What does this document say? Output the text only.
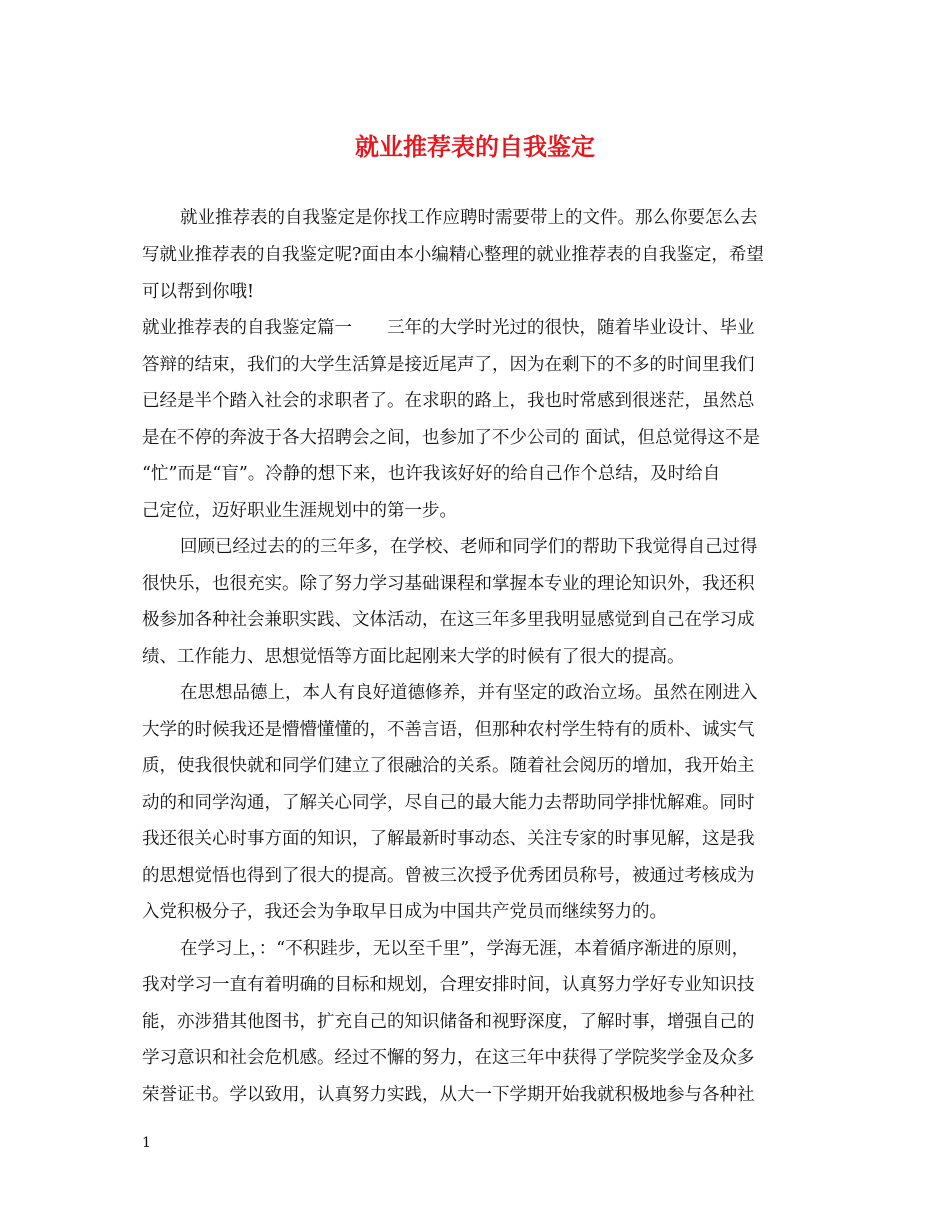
就业推荐表的自我鉴定

就业推荐表的自我鉴定是你找工作应聘时需要带上的文件。那么你要怎么去

写就业推荐表的自我鉴定呢?面由本小编精心整理的就业推荐表的自我鉴定，希望

可以帮到你哦!

就业推荐表的自我鉴定篇一　　三年的大学时光过的很快，随着毕业设计、毕业

答辩的结束，我们的大学生活算是接近尾声了，因为在剩下的不多的时间里我们

已经是半个踏入社会的求职者了。在求职的路上，我也时常感到很迷茫，虽然总

是在不停的奔波于各大招聘会之间，也参加了不少公司的 面试，但总觉得这不是

“忙”而是“盲”。冷静的想下来，也许我该好好的给自己作个总结，及时给自

己定位，迈好职业生涯规划中的第一步。

回顾已经过去的的三年多，在学校、老师和同学们的帮助下我觉得自己过得

很快乐，也很充实。除了努力学习基础课程和掌握本专业的理论知识外，我还积

极参加各种社会兼职实践、文体活动，在这三年多里我明显感觉到自己在学习成

绩、工作能力、思想觉悟等方面比起刚来大学的时候有了很大的提高。

在思想品德上，本人有良好道德修养，并有坚定的政治立场。虽然在刚进入

大学的时候我还是懵懵懂懂的，不善言语，但那种农村学生特有的质朴、诚实气

质，使我很快就和同学们建立了很融洽的关系。随着社会阅历的增加，我开始主

动的和同学沟通，了解关心同学，尽自己的最大能力去帮助同学排忧解难。同时

我还很关心时事方面的知识，了解最新时事动态、关注专家的时事见解，这是我

的思想觉悟也得到了很大的提高。曾被三次授予优秀团员称号，被通过考核成为

入党积极分子，我还会为争取早日成为中国共产党员而继续努力的。

在学习上，：“不积跬步，无以至千里”，学海无涯，本着循序渐进的原则，

我对学习一直有着明确的目标和规划，合理安排时间，认真努力学好专业知识技

能，亦涉猎其他图书，扩充自己的知识储备和视野深度，了解时事，增强自己的

学习意识和社会危机感。经过不懈的努力，在这三年中获得了学院奖学金及众多

荣誉证书。学以致用，认真努力实践，从大一下学期开始我就积极地参与各种社

1
